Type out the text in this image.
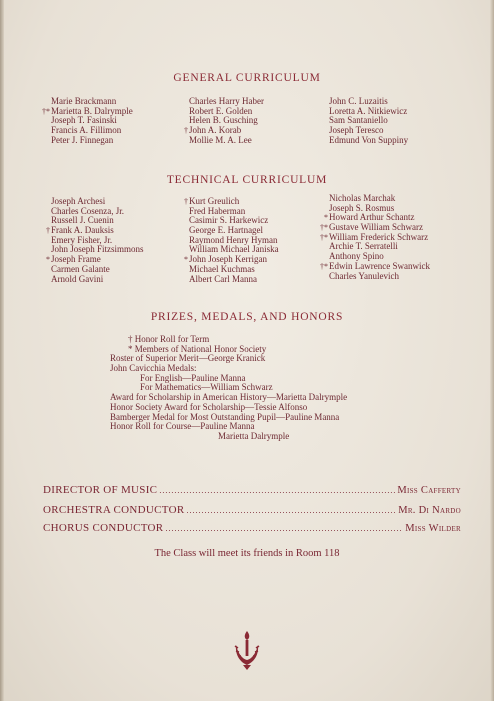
GENERAL CURRICULUM
Marie Brackmann
†*Marietta B. Dalrymple
Joseph T. Fasinski
Francis A. Fillimon
Peter J. Finnegan
Charles Harry Haber
Robert E. Golden
Helen B. Gusching
†John A. Korab
Mollie M. A. Lee
John C. Luzaitis
Loretta A. Nitkiewicz
Sam Santaniello
Joseph Teresco
Edmund Von Suppiny
TECHNICAL CURRICULUM
Joseph Archesi
Charles Cosenza, Jr.
Russell J. Cuenin
†Frank A. Dauksis
Emery Fisher, Jr.
John Joseph Fitzsimmons
*Joseph Frame
Carmen Galante
Arnold Gavini
†Kurt Greulich
Fred Haberman
Casimir S. Harkewicz
George E. Hartnagel
Raymond Henry Hyman
William Michael Janiska
*John Joseph Kerrigan
Michael Kuchmas
Albert Carl Manna
Nicholas Marchak
Joseph S. Rosmus
*Howard Arthur Schantz
†*Gustave William Schwarz
†*William Frederick Schwarz
Archie T. Serratelli
Anthony Spino
†*Edwin Lawrence Swanwick
Charles Yanulevich
PRIZES, MEDALS, AND HONORS
† Honor Roll for Term
* Members of National Honor Society
Roster of Superior Merit—George Kranick
John Cavicchia Medals:
For English—Pauline Manna
For Mathematics—William Schwarz
Award for Scholarship in American History—Marietta Dalrymple
Honor Society Award for Scholarship—Tessie Alfonso
Bamberger Medal for Most Outstanding Pupil—Pauline Manna
Honor Roll for Course—Pauline Manna
Marietta Dalrymple
DIRECTOR OF MUSIC .....	Miss Cafferty
ORCHESTRA CONDUCTOR .....	Mr. Di Nardo
CHORUS CONDUCTOR .....	Miss Wilder
The Class will meet its friends in Room 118
